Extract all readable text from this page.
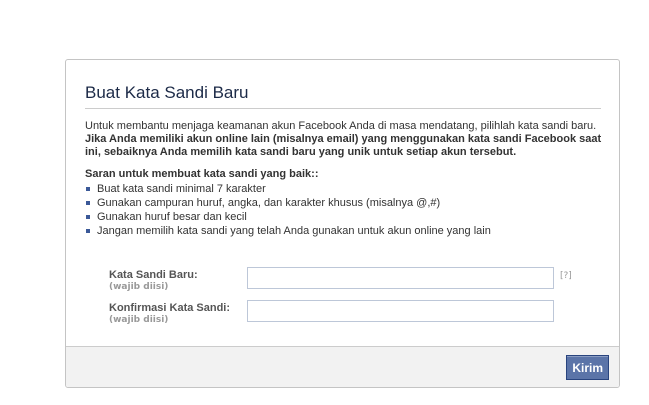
Buat Kata Sandi Baru

Untuk membantu menjaga keamanan akun Facebook Anda di masa mendatang, pilihlah kata sandi baru. Jika Anda memiliki akun online lain (misalnya email) yang menggunakan kata sandi Facebook saat ini, sebaiknya Anda memilih kata sandi baru yang unik untuk setiap akun tersebut.

Saran untuk membuat kata sandi yang baik::
Buat kata sandi minimal 7 karakter
Gunakan campuran huruf, angka, dan karakter khusus (misalnya @,#)
Gunakan huruf besar dan kecil
Jangan memilih kata sandi yang telah Anda gunakan untuk akun online yang lain
Kata Sandi Baru:
(wajib diisi)
[?]
Konfirmasi Kata Sandi:
(wajib diisi)
Kirim
